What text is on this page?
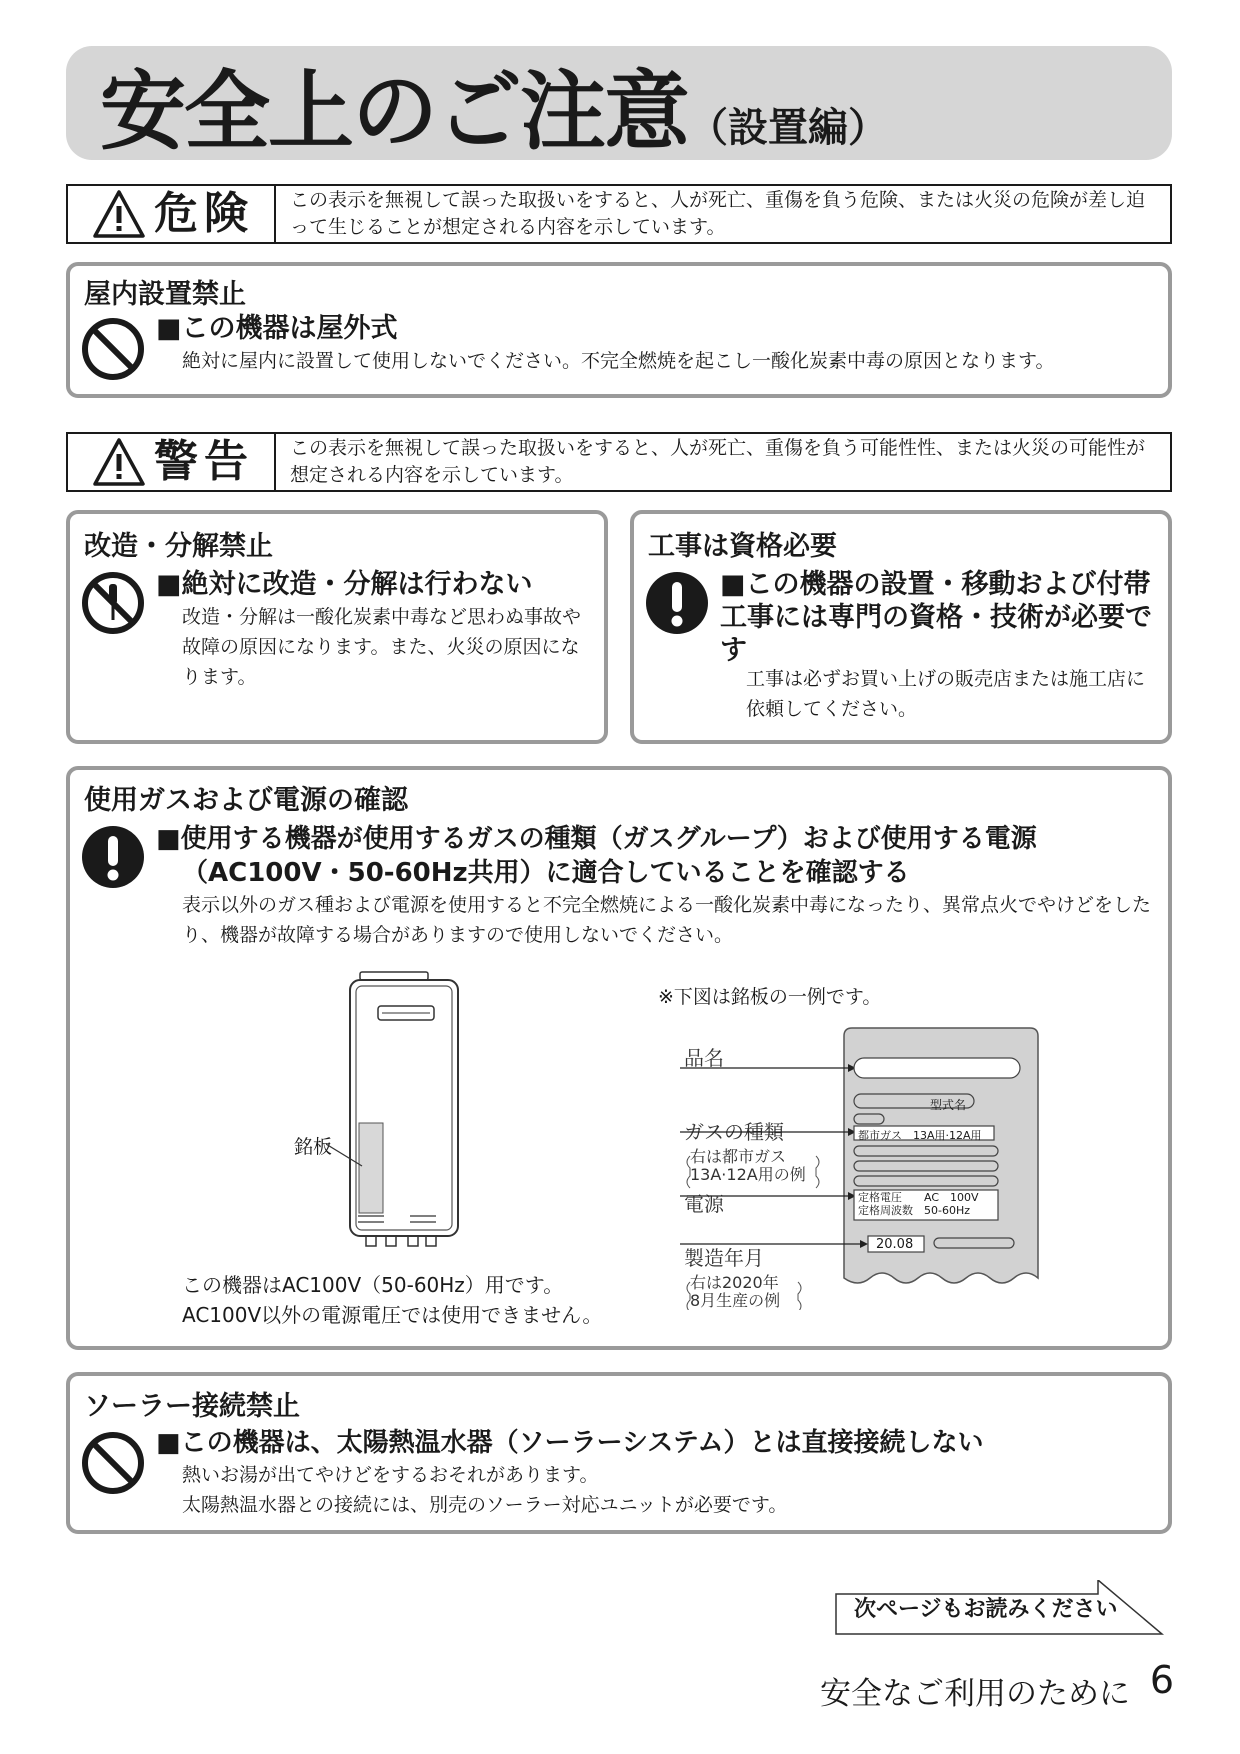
安全上のご注意（設置編）
危険	この表示を無視して誤った取扱いをすると、人が死亡、重傷を負う危険、または火災の危険が差し迫って生じることが想定される内容を示しています。
屋内設置禁止
■この機器は屋外式
絶対に屋内に設置して使用しないでください。不完全燃焼を起こし一酸化炭素中毒の原因となります。
警告	この表示を無視して誤った取扱いをすると、人が死亡、重傷を負う可能性性、または火災の可能性が想定される内容を示しています。
改造・分解禁止
■絶対に改造・分解は行わない
改造・分解は一酸化炭素中毒など思わぬ事故や故障の原因になります。また、火災の原因になります。
工事は資格必要
■この機器の設置・移動および付帯工事には専門の資格・技術が必要です
工事は必ずお買い上げの販売店または施工店に依頼してください。
使用ガスおよび電源の確認
■使用する機器が使用するガスの種類（ガスグループ）および使用する電源
（AC100V・50-60Hz共用）に適合していることを確認する
表示以外のガス種および電源を使用すると不完全燃焼による一酸化炭素中毒になったり、異常点火でやけどをしたり、機器が故障する場合がありますので使用しないでください。
銘板
この機器はAC100V（50-60Hz）用です。
AC100V以外の電源電圧では使用できません。
※下図は銘板の一例です。
品名
ガスの種類
右は都市ガス
13A·12A用の例
電源
製造年月
右は2020年
8月生産の例
型式名
都市ガス　13A用·12A用
定格電圧　　AC　100V
定格周波数　50-60Hz
20.08
ソーラー接続禁止
■この機器は、太陽熱温水器（ソーラーシステム）とは直接接続しない
熱いお湯が出てやけどをするおそれがあります。
太陽熱温水器との接続には、別売のソーラー対応ユニットが必要です。
次ページもお読みください
安全なご利用のために 6
